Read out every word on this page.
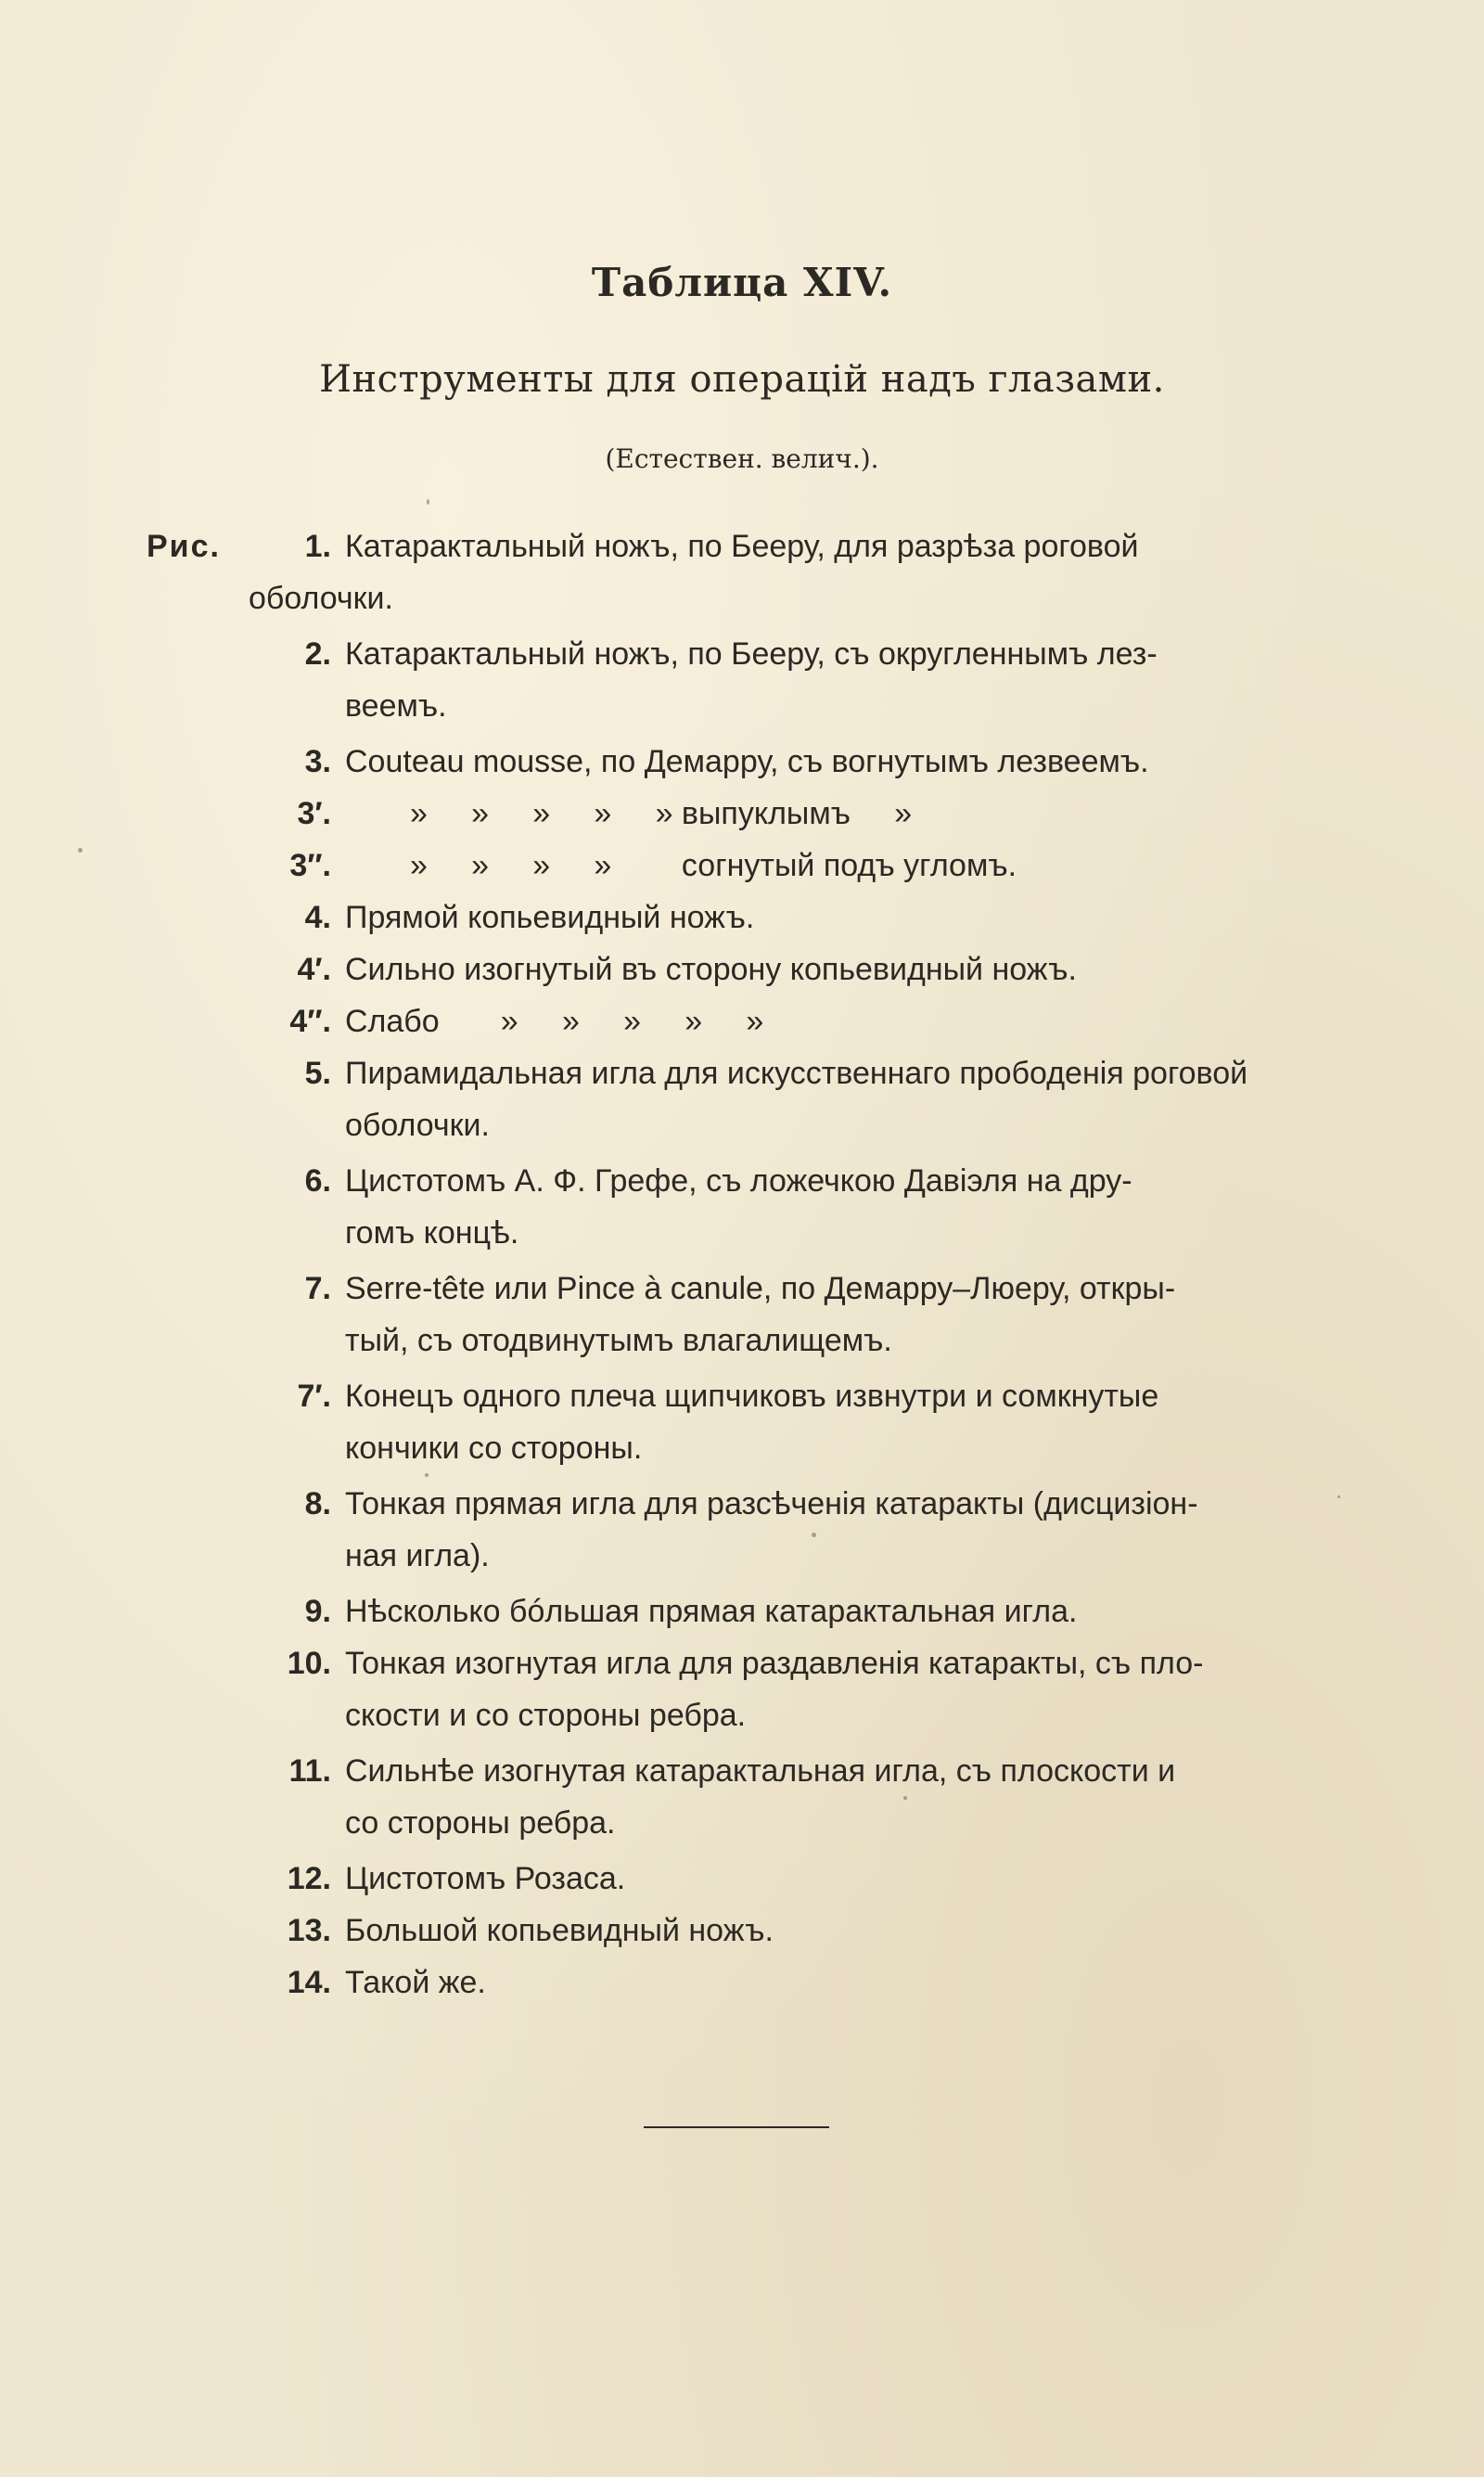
Таблица XIV.
Инструменты для операцій надъ глазами.
(Естествен. велич.).
Рис.	1. Катарактальный ножъ, по Бееру, для разрѣза роговой
оболочки.
2. Катарактальный ножъ, по Бееру, съ округленнымъ лез-
веемъ.
3. Couteau mousse, по Демарру, съ вогнутымъ лезвеемъ.
3′.	»     »     »     »     » выпуклымъ     »
3″.	»     »     »     »        согнутый подъ угломъ.
4. Прямой копьевидный ножъ.
4′. Сильно изогнутый въ сторону копьевидный ножъ.
4″. Слабо       »     »     »     »     »
5. Пирамидальная игла для искусственнаго прободенія роговой
оболочки.
6. Цистотомъ А. Ф. Грефе, съ ложечкою Давіэля на дру-
гомъ концѣ.
7. Serre-tête или Pince à canule, по Демарру–Люеру, откры-
тый, съ отодвинутымъ влагалищемъ.
7′. Конецъ одного плеча щипчиковъ извнутри и сомкнутые
кончики со стороны.
8. Тонкая прямая игла для разсѣченія катаракты (дисцизіон-
ная игла).
9. Нѣсколько бóльшая прямая катарактальная игла.
10. Тонкая изогнутая игла для раздавленія катаракты, съ пло-
скости и со стороны ребра.
11. Сильнѣе изогнутая катарактальная игла, съ плоскости и
со стороны ребра.
12. Цистотомъ Розаса.
13. Большой копьевидный ножъ.
14. Такой же.
